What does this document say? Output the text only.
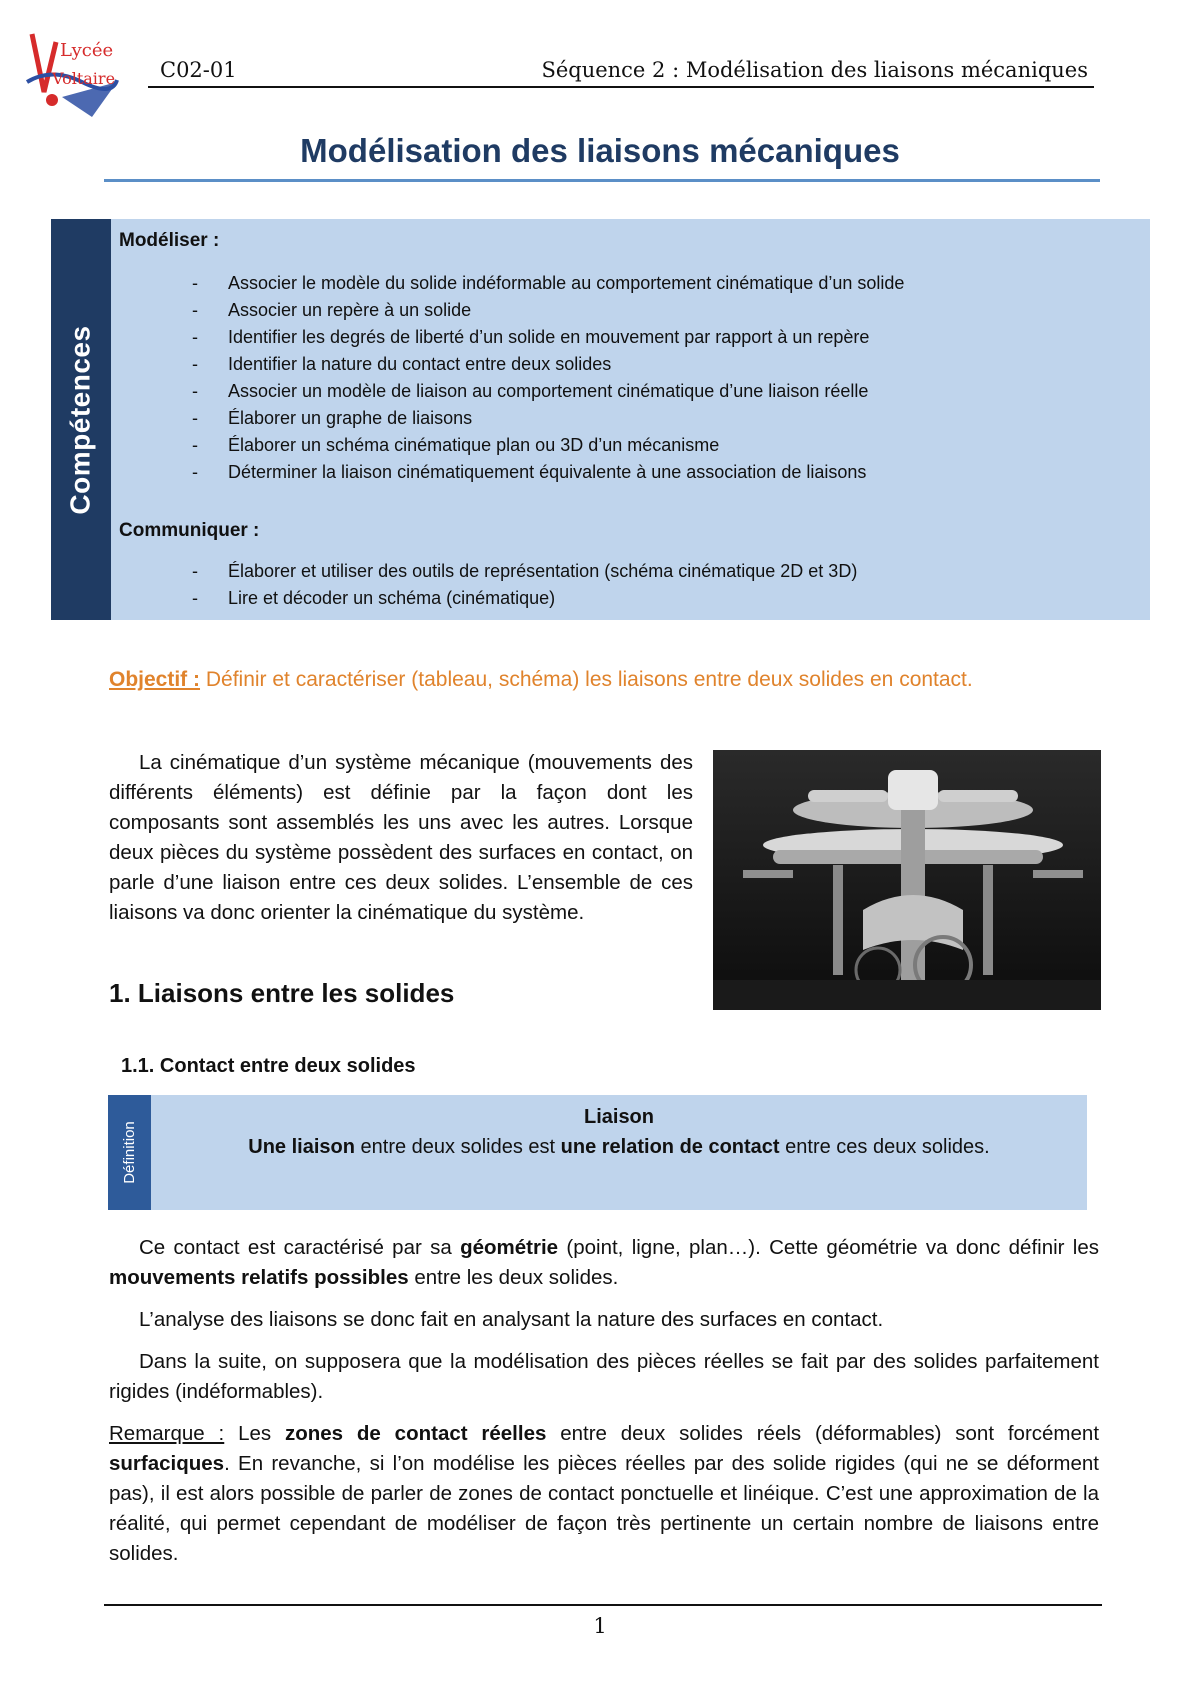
Lycée
Voltaire C02-01	Séquence 2 : Modélisation des liaisons mécaniques
Modélisation des liaisons mécaniques
Compétences
Modéliser :
- Associer le modèle du solide indéformable au comportement cinématique d’un solide
- Associer un repère à un solide
- Identifier les degrés de liberté d’un solide en mouvement par rapport à un repère
- Identifier la nature du contact entre deux solides
- Associer un modèle de liaison au comportement cinématique d’une liaison réelle
- Élaborer un graphe de liaisons
- Élaborer un schéma cinématique plan ou 3D d’un mécanisme
- Déterminer la liaison cinématiquement équivalente à une association de liaisons
Communiquer :
- Élaborer et utiliser des outils de représentation (schéma cinématique 2D et 3D)
- Lire et décoder un schéma (cinématique)
Objectif : Définir et caractériser (tableau, schéma) les liaisons entre deux solides en contact.
La cinématique d’un système mécanique (mouvements des différents éléments) est définie par la façon dont les composants sont assemblés les uns avec les autres. Lorsque deux pièces du système possèdent des surfaces en contact, on parle d’une liaison entre ces deux solides. L’ensemble de ces liaisons va donc orienter la cinématique du système.
1. Liaisons entre les solides
1.1. Contact entre deux solides
Définition
Liaison
Une liaison entre deux solides est une relation de contact entre ces deux solides.
Ce contact est caractérisé par sa géométrie (point, ligne, plan…). Cette géométrie va donc définir les mouvements relatifs possibles entre les deux solides.
L’analyse des liaisons se donc fait en analysant la nature des surfaces en contact.
Dans la suite, on supposera que la modélisation des pièces réelles se fait par des solides parfaitement rigides (indéformables).
Remarque : Les zones de contact réelles entre deux solides réels (déformables) sont forcément surfaciques. En revanche, si l’on modélise les pièces réelles par des solide rigides (qui ne se déforment pas), il est alors possible de parler de zones de contact ponctuelle et linéique. C’est une approximation de la réalité, qui permet cependant de modéliser de façon très pertinente un certain nombre de liaisons entre solides.
1
